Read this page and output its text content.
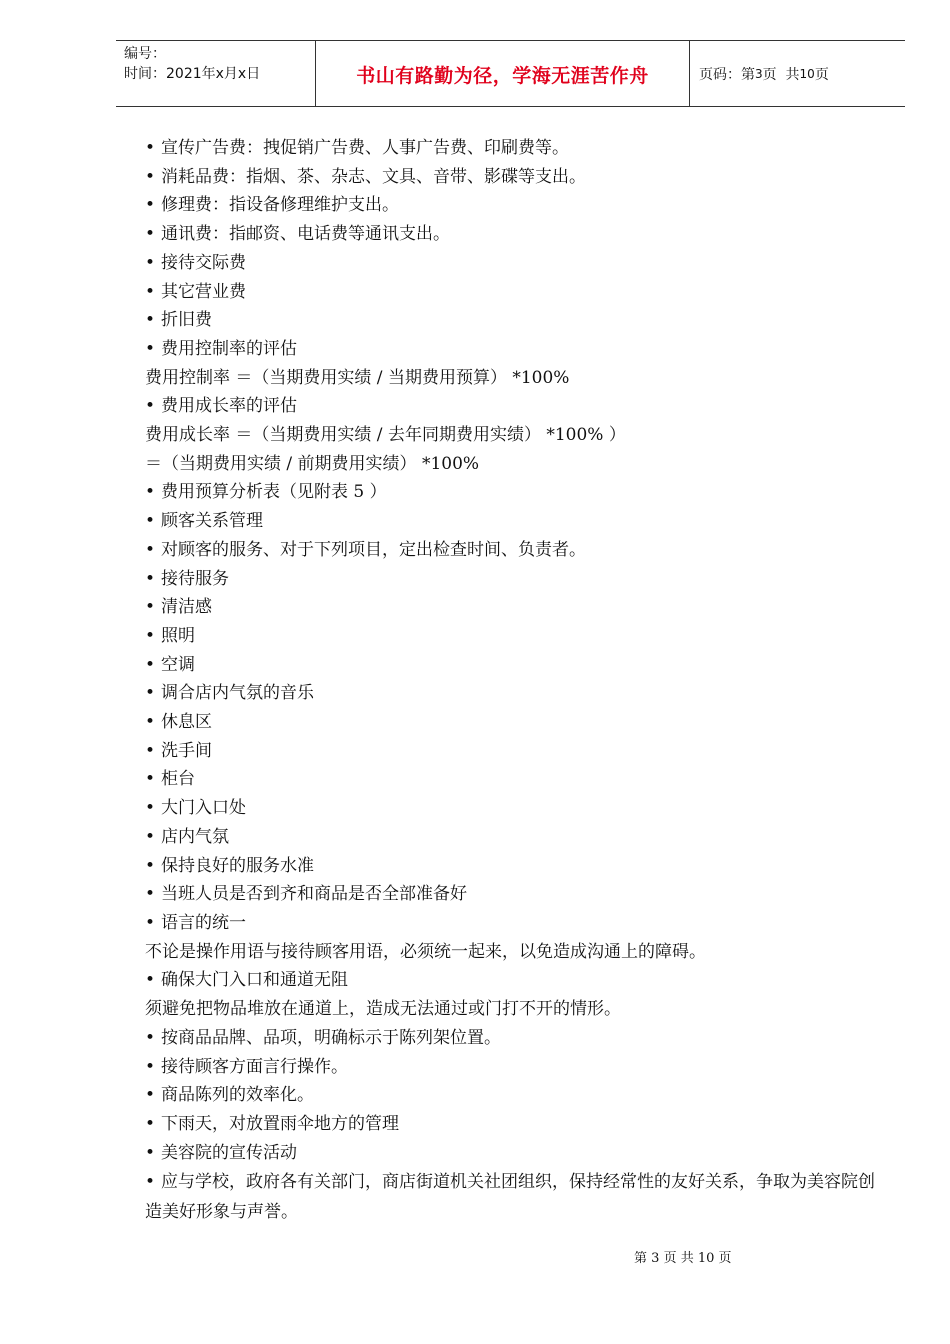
编号：
时间：2021年x月x日	书山有路勤为径，学海无涯苦作舟	页码：第 3 页  共 10 页
• 宣传广告费：拽促销广告费、人事广告费、印刷费等。
• 消耗品费：指烟、茶、杂志、文具、音带、影碟等支出。
• 修理费：指设备修理维护支出。
• 通讯费：指邮资、电话费等通讯支出。
• 接待交际费
• 其它营业费
• 折旧费
• 费用控制率的评估
费用控制率 ＝（当期费用实绩 / 当期费用预算） *100%
• 费用成长率的评估
费用成长率 ＝（当期费用实绩 / 去年同期费用实绩） *100% ）
＝（当期费用实绩 / 前期费用实绩） *100%
• 费用预算分析表（见附表 5 ）
• 顾客关系管理
• 对顾客的服务、对于下列项目，定出检查时间、负责者。
• 接待服务
• 清洁感
• 照明
• 空调
• 调合店内气氛的音乐
• 休息区
• 洗手间
• 柜台
• 大门入口处
• 店内气氛
• 保持良好的服务水准
• 当班人员是否到齐和商品是否全部准备好
• 语言的统一
不论是操作用语与接待顾客用语，必须统一起来，以免造成沟通上的障碍。
• 确保大门入口和通道无阻
须避免把物品堆放在通道上，造成无法通过或门打不开的情形。
• 按商品品牌、品项，明确标示于陈列架位置。
• 接待顾客方面言行操作。
• 商品陈列的效率化。
• 下雨天，对放置雨伞地方的管理
• 美容院的宣传活动
• 应与学校，政府各有关部门，商店街道机关社团组织，保持经常性的友好关系，争取为美容院创造美好形象与声誉。
第 3 页 共 10 页
